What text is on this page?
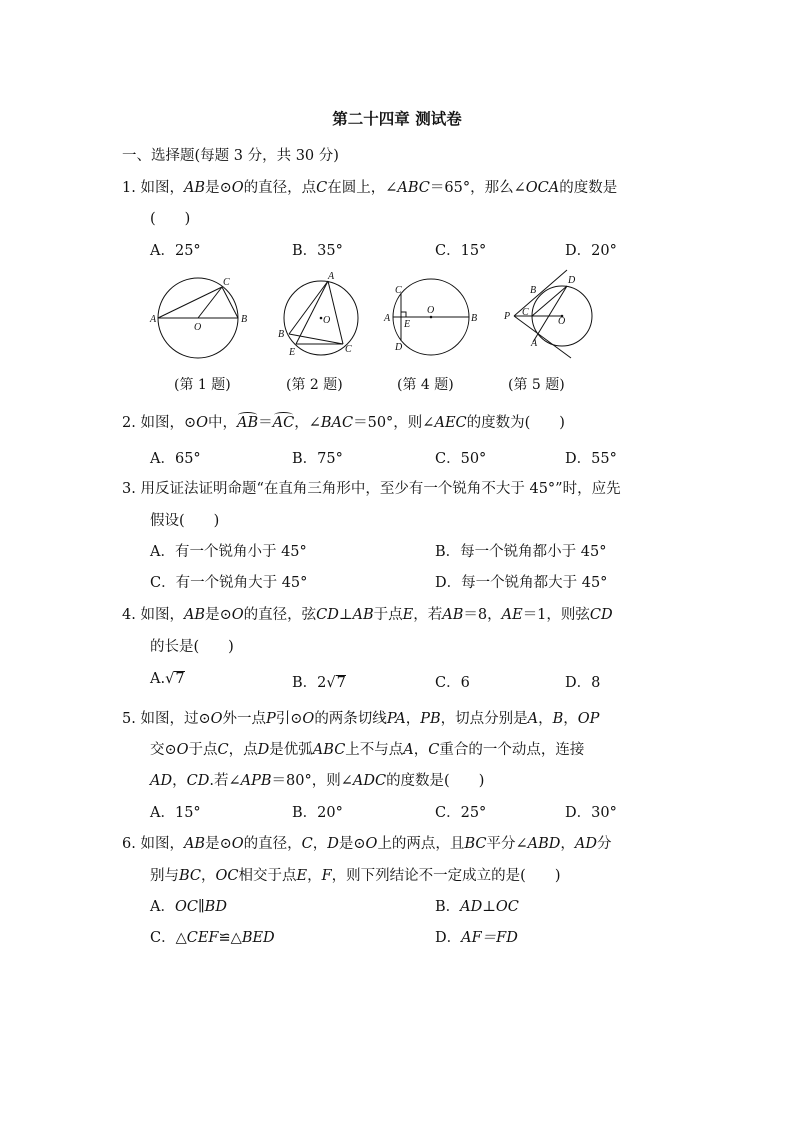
第二十四章 测试卷
一、选择题(每题 3 分，共 30 分)
1. 如图，AB是⊙O的直径，点C在圆上，∠ABC＝65°，那么∠OCA的度数是
(　　)
A．25°	B．35°	C．15°	D．20°
A	B
C
O
A
B
C
E
O	A	B
C
D
E
O
P
B
D
C
A
O
(第 1 题)	(第 2 题)	(第 4 题)	(第 5 题)
2. 如图，⊙O中，AB＝AC，∠BAC＝50°，则∠AEC的度数为(　　)
A．65°	B．75°	C．50°	D．55°
3. 用反证法证明命题“在直角三角形中，至少有一个锐角不大于 45°”时，应先
假设(　　)
A．有一个锐角小于 45°	B．每一个锐角都小于 45°
C．有一个锐角大于 45°	D．每一个锐角都大于 45°
4. 如图，AB是⊙O的直径，弦CD⊥AB于点E，若AB＝8，AE＝1，则弦CD
的长是(　　)
A.√7	B．2√7	C．6	D．8
5. 如图，过⊙O外一点P引⊙O的两条切线PA，PB，切点分别是A，B，OP
交⊙O于点C，点D是优弧ABC上不与点A，C重合的一个动点，连接
AD，CD.若∠APB＝80°，则∠ADC的度数是(　　)
A．15°	B．20°	C．25°	D．30°
6. 如图，AB是⊙O的直径，C，D是⊙O上的两点，且BC平分∠ABD，AD分
别与BC，OC相交于点E，F，则下列结论不一定成立的是(　　)
A．OC∥BD	B．AD⊥OC
C．△CEF≌△BED	D．AF＝FD
